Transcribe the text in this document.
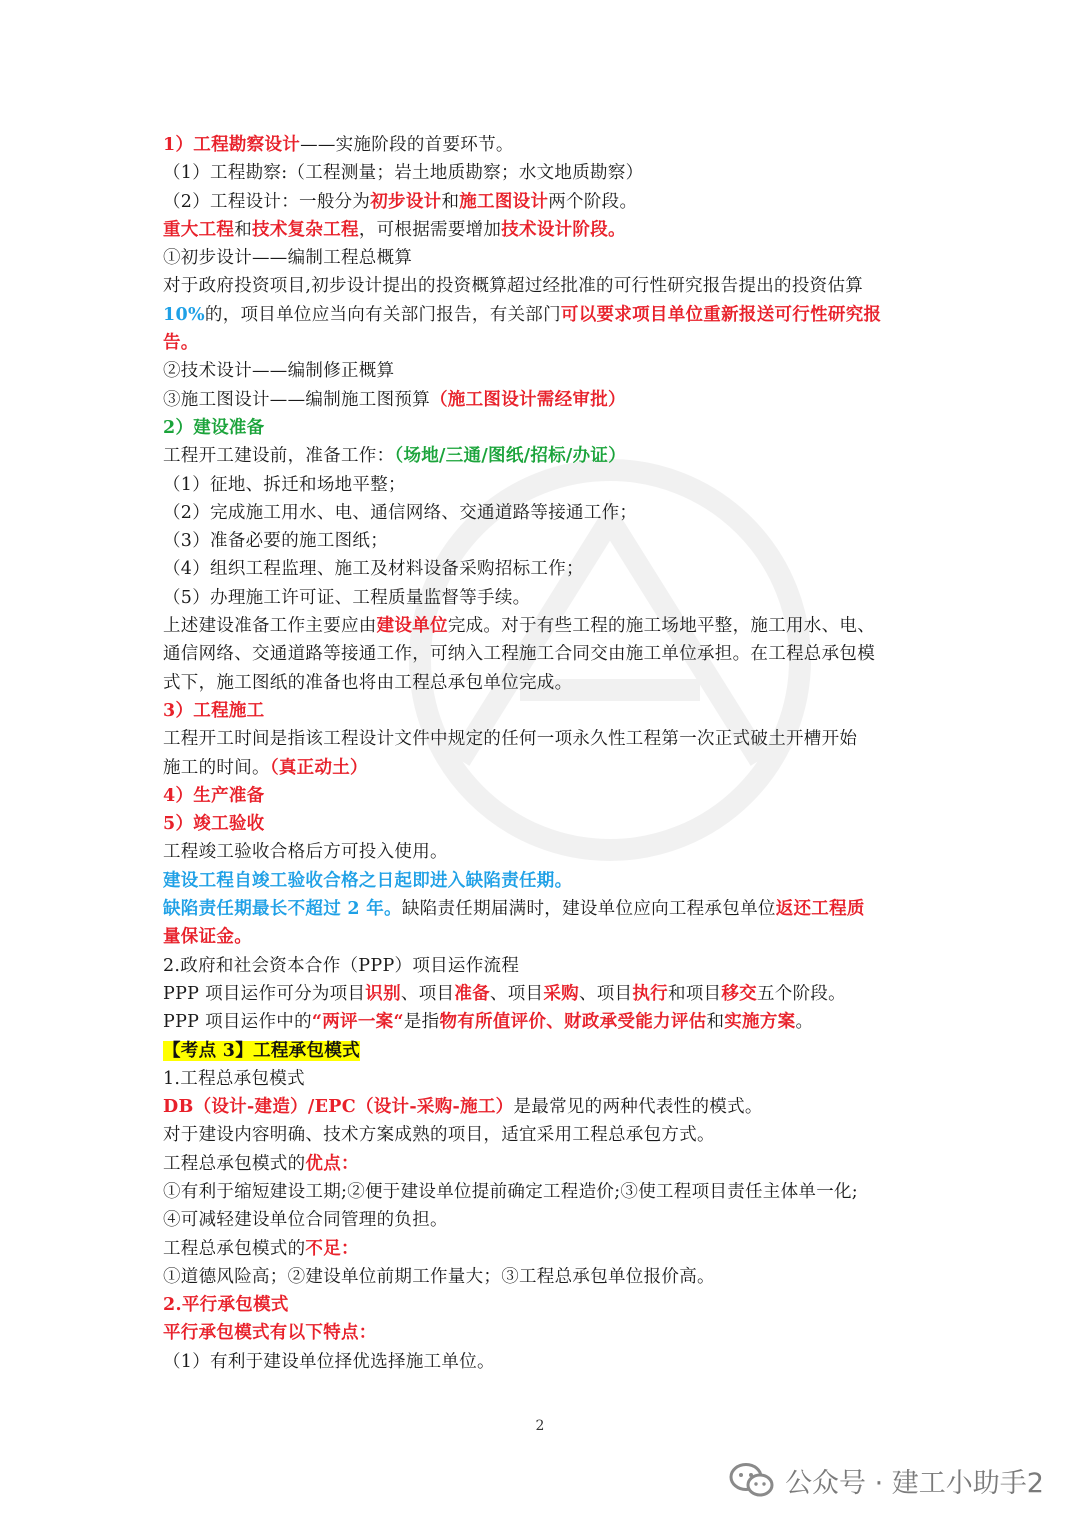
1）工程勘察设计——实施阶段的首要环节。
（1）工程勘察:（工程测量；岩土地质勘察；水文地质勘察）
（2）工程设计：一般分为初步设计和施工图设计两个阶段。
重大工程和技术复杂工程，可根据需要增加技术设计阶段。
①初步设计——编制工程总概算
对于政府投资项目,初步设计提出的投资概算超过经批准的可行性研究报告提出的投资估算
10%的，项目单位应当向有关部门报告，有关部门可以要求项目单位重新报送可行性研究报
告。
②技术设计——编制修正概算
③施工图设计——编制施工图预算（施工图设计需经审批）
2）建设准备
工程开工建设前，准备工作：（场地/三通/图纸/招标/办证）
（1）征地、拆迁和场地平整；
（2）完成施工用水、电、通信网络、交通道路等接通工作；
（3）准备必要的施工图纸；
（4）组织工程监理、施工及材料设备采购招标工作；
（5）办理施工许可证、工程质量监督等手续。
上述建设准备工作主要应由建设单位完成。对于有些工程的施工场地平整，施工用水、电、
通信网络、交通道路等接通工作，可纳入工程施工合同交由施工单位承担。在工程总承包模
式下，施工图纸的准备也将由工程总承包单位完成。
3）工程施工
工程开工时间是指该工程设计文件中规定的任何一项永久性工程第一次正式破土开槽开始
施工的时间。（真正动土）
4）生产准备
5）竣工验收
工程竣工验收合格后方可投入使用。
建设工程自竣工验收合格之日起即进入缺陷责任期。
缺陷责任期最长不超过 2 年。缺陷责任期届满时，建设单位应向工程承包单位返还工程质
量保证金。
2.政府和社会资本合作（PPP）项目运作流程
PPP 项目运作可分为项目识别、项目准备、项目采购、项目执行和项目移交五个阶段。
PPP 项目运作中的“两评一案“是指物有所值评价、财政承受能力评估和实施方案。
【考点 3】工程承包模式
1.工程总承包模式
DB（设计-建造）/EPC（设计-采购-施工）是最常见的两种代表性的模式。
对于建设内容明确、技术方案成熟的项目，适宜采用工程总承包方式。
工程总承包模式的优点：
①有利于缩短建设工期;②便于建设单位提前确定工程造价;③使工程项目责任主体单一化;
④可减轻建设单位合同管理的负担。
工程总承包模式的不足：
①道德风险高；②建设单位前期工作量大；③工程总承包单位报价高。
2.平行承包模式
平行承包模式有以下特点：
（1）有利于建设单位择优选择施工单位。
2
公众号 · 建工小助手2
